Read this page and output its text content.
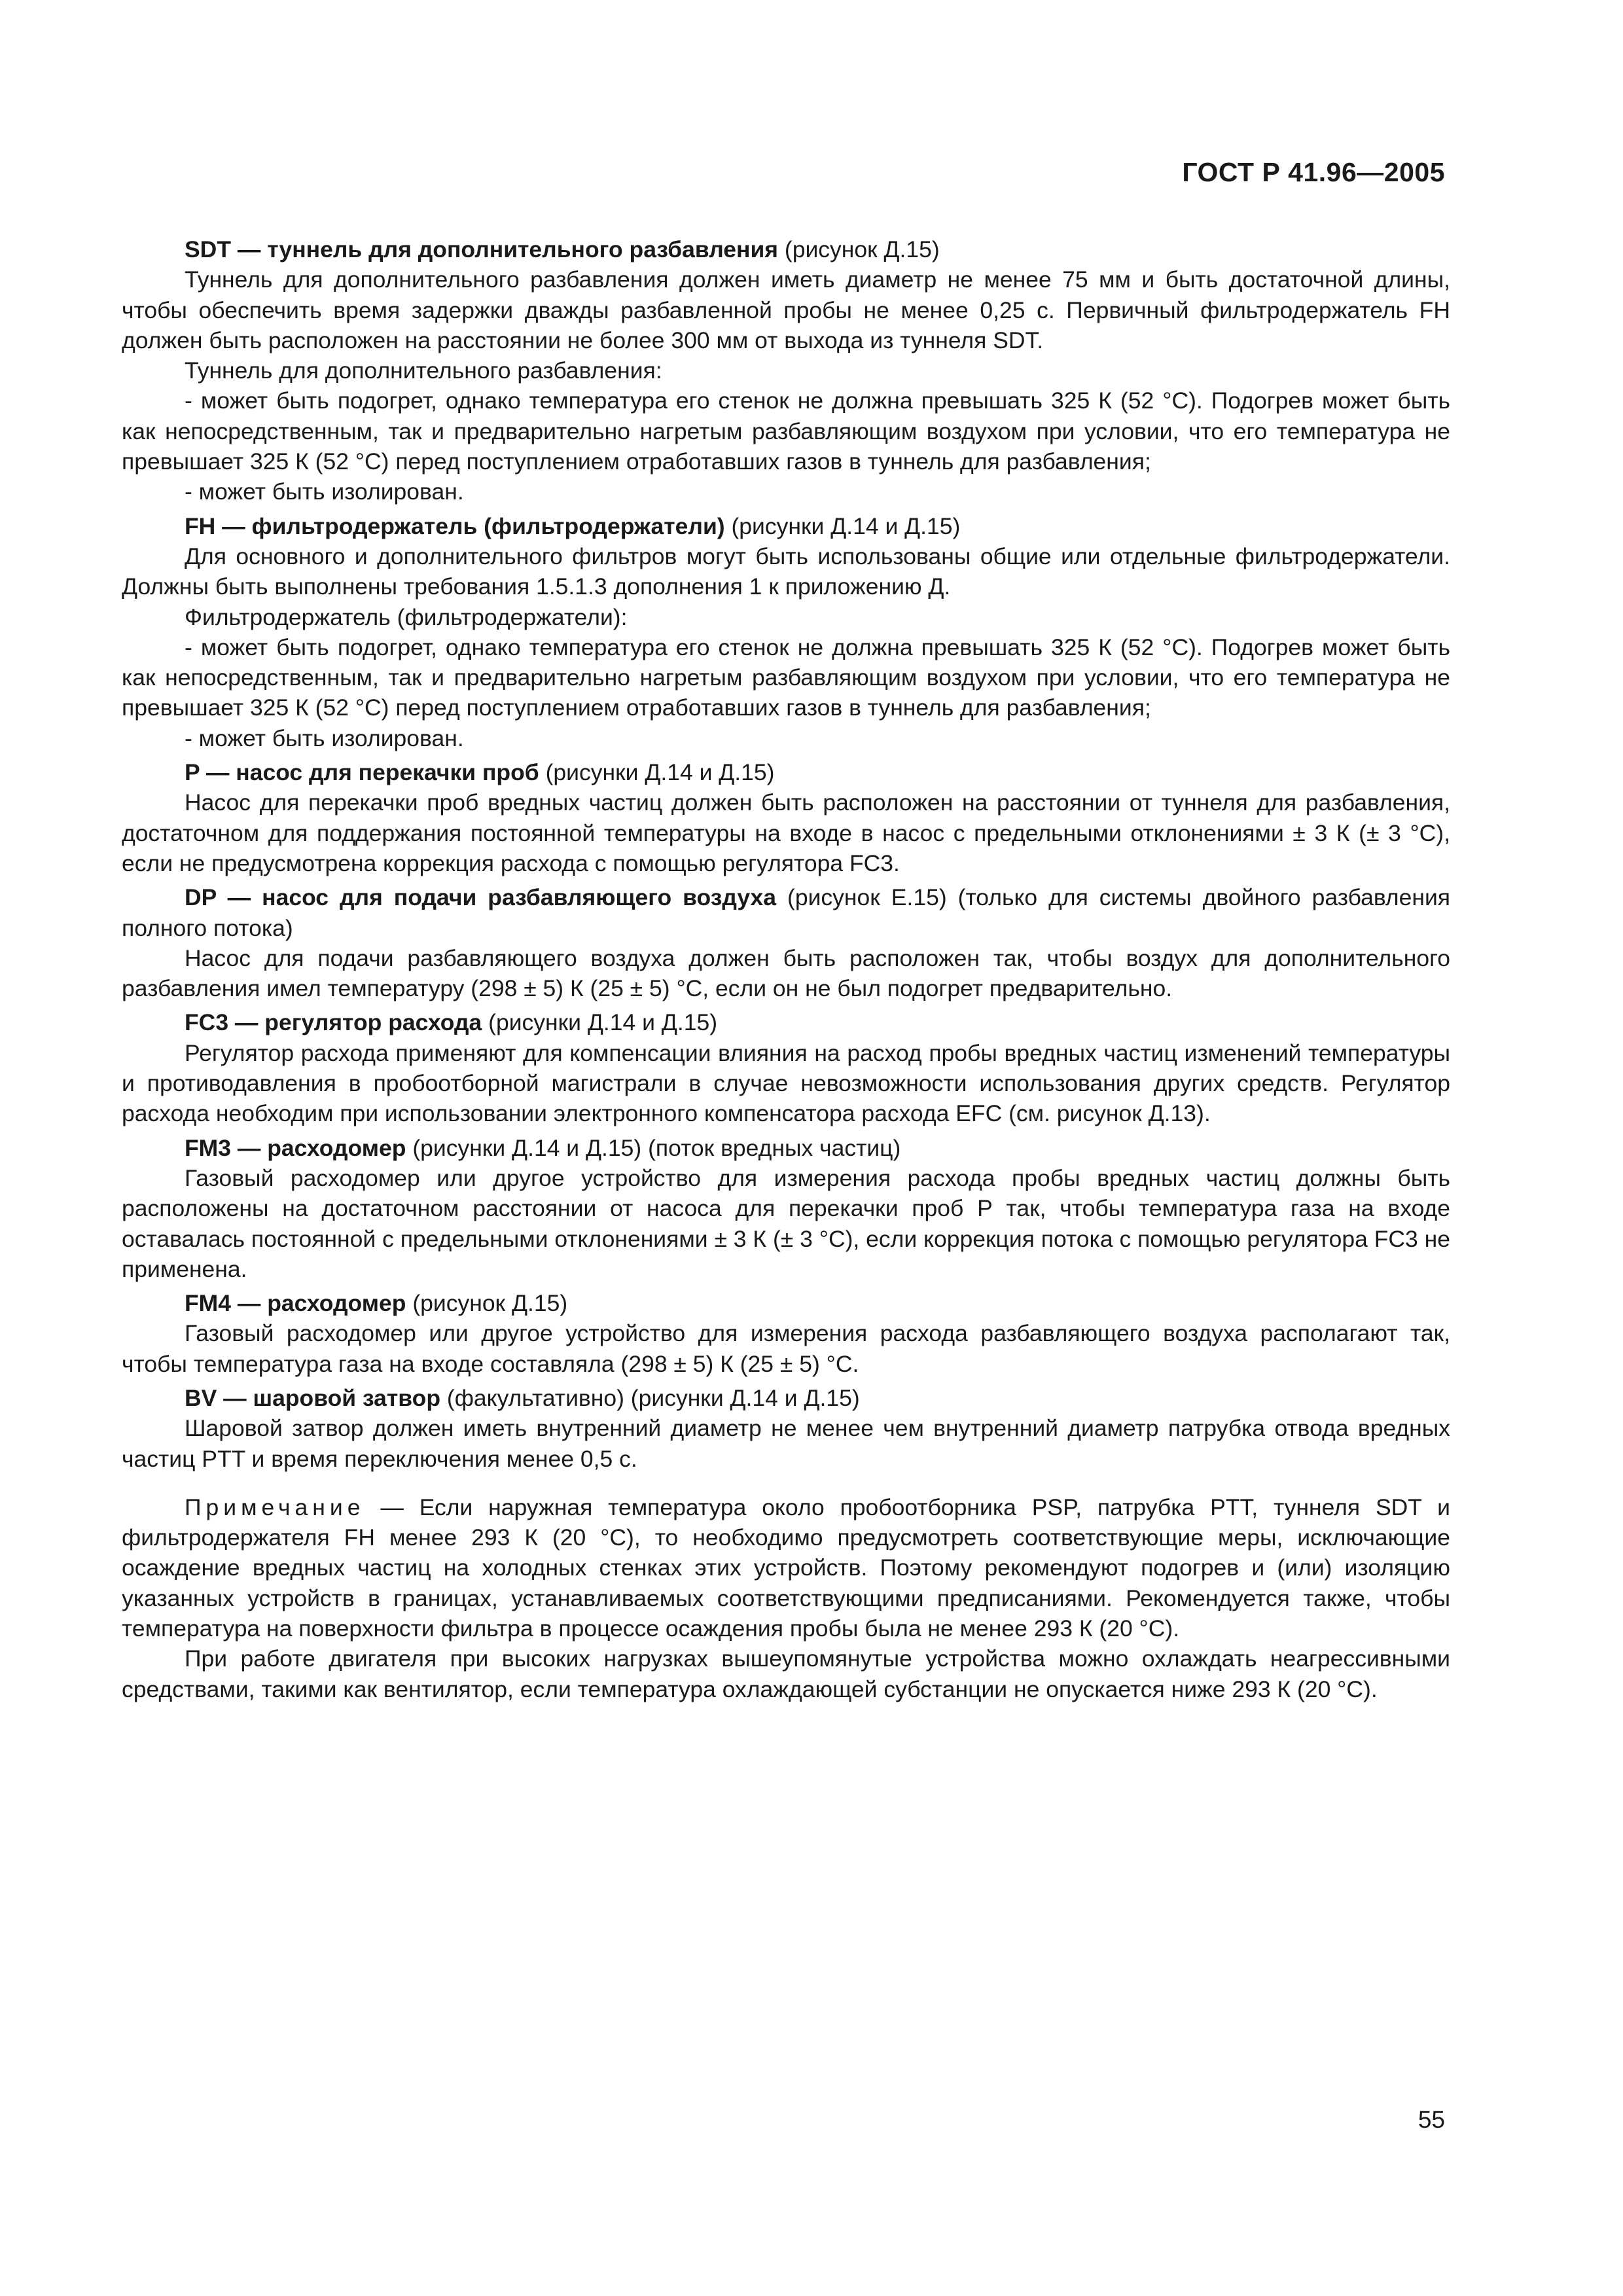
ГОСТ Р 41.96—2005

SDT — туннель для дополнительного разбавления (рисунок Д.15)

Туннель для дополнительного разбавления должен иметь диаметр не менее 75 мм и быть достаточной длины, чтобы обеспечить время задержки дважды разбавленной пробы не менее 0,25 с. Первичный фильтродержатель FH должен быть расположен на расстоянии не более 300 мм от выхода из туннеля SDT.

Туннель для дополнительного разбавления:

- может быть подогрет, однако температура его стенок не должна превышать 325 К (52 °С). Подогрев может быть как непосредственным, так и предварительно нагретым разбавляющим воздухом при условии, что его температура не превышает 325 К (52 °С) перед поступлением отработавших газов в туннель для разбавления;

- может быть изолирован.

FH — фильтродержатель (фильтродержатели) (рисунки Д.14 и Д.15)

Для основного и дополнительного фильтров могут быть использованы общие или отдельные фильтродержатели. Должны быть выполнены требования 1.5.1.3 дополнения 1 к приложению Д.

Фильтродержатель (фильтродержатели):

- может быть подогрет, однако температура его стенок не должна превышать 325 К (52 °С). Подогрев может быть как непосредственным, так и предварительно нагретым разбавляющим воздухом при условии, что его температура не превышает 325 К (52 °С) перед поступлением отработавших газов в туннель для разбавления;

- может быть изолирован.

P — насос для перекачки проб (рисунки Д.14 и Д.15)

Насос для перекачки проб вредных частиц должен быть расположен на расстоянии от туннеля для разбавления, достаточном для поддержания постоянной температуры на входе в насос с предельными отклонениями ± 3 К (± 3 °С), если не предусмотрена коррекция расхода с помощью регулятора FC3.

DP — насос для подачи разбавляющего воздуха (рисунок Е.15) (только для системы двойного разбавления полного потока)

Насос для подачи разбавляющего воздуха должен быть расположен так, чтобы воздух для дополнительного разбавления имел температуру (298 ± 5) К (25 ± 5) °С, если он не был подогрет предварительно.

FC3 — регулятор расхода (рисунки Д.14 и Д.15)

Регулятор расхода применяют для компенсации влияния на расход пробы вредных частиц изменений температуры и противодавления в пробоотборной магистрали в случае невозможности использования других средств. Регулятор расхода необходим при использовании электронного компенсатора расхода EFC (см. рисунок Д.13).

FM3 — расходомер (рисунки Д.14 и Д.15) (поток вредных частиц)

Газовый расходомер или другое устройство для измерения расхода пробы вредных частиц должны быть расположены на достаточном расстоянии от насоса для перекачки проб Р так, чтобы температура газа на входе оставалась постоянной с предельными отклонениями ± 3 К (± 3 °С), если коррекция потока с помощью регулятора FC3 не применена.

FM4 — расходомер (рисунок Д.15)

Газовый расходомер или другое устройство для измерения расхода разбавляющего воздуха располагают так, чтобы температура газа на входе составляла (298 ± 5) К (25 ± 5) °С.

BV — шаровой затвор (факультативно) (рисунки Д.14 и Д.15)

Шаровой затвор должен иметь внутренний диаметр не менее чем внутренний диаметр патрубка отвода вредных частиц PTT и время переключения менее 0,5 с.

Примечание — Если наружная температура около пробоотборника PSP, патрубка PTT, туннеля SDT и фильтродержателя FH менее 293 К (20 °С), то необходимо предусмотреть соответствующие меры, исключающие осаждение вредных частиц на холодных стенках этих устройств. Поэтому рекомендуют подогрев и (или) изоляцию указанных устройств в границах, устанавливаемых соответствующими предписаниями. Рекомендуется также, чтобы температура на поверхности фильтра в процессе осаждения пробы была не менее 293 К (20 °С).

При работе двигателя при высоких нагрузках вышеупомянутые устройства можно охлаждать неагрессивными средствами, такими как вентилятор, если температура охлаждающей субстанции не опускается ниже 293 К (20 °С).

55
